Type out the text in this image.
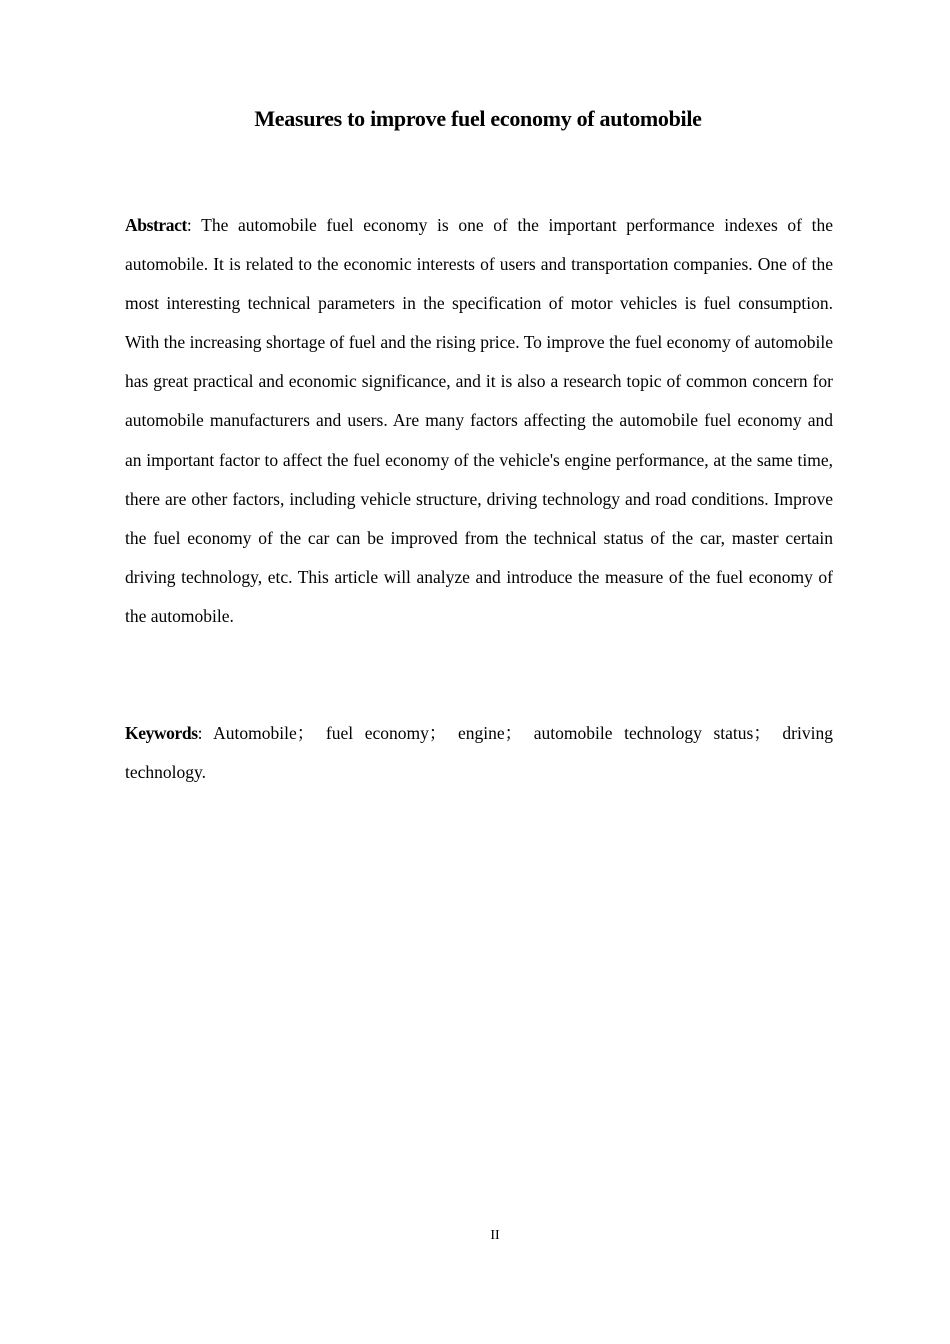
Measures to improve fuel economy of automobile

Abstract: The automobile fuel economy is one of the important performance indexes of the automobile. It is related to the economic interests of users and transportation companies. One of the most interesting technical parameters in the specification of motor vehicles is fuel consumption. With the increasing shortage of fuel and the rising price. To improve the fuel economy of automobile has great practical and economic significance, and it is also a research topic of common concern for automobile manufacturers and users. Are many factors affecting the automobile fuel economy and an important factor to affect the fuel economy of the vehicle's engine performance, at the same time, there are other factors, including vehicle structure, driving technology and road conditions. Improve the fuel economy of the car can be improved from the technical status of the car, master certain driving technology, etc. This article will analyze and introduce the measure of the fuel economy of the automobile.

Keywords: Automobile； fuel economy； engine； automobile technology status； driving technology.

II
